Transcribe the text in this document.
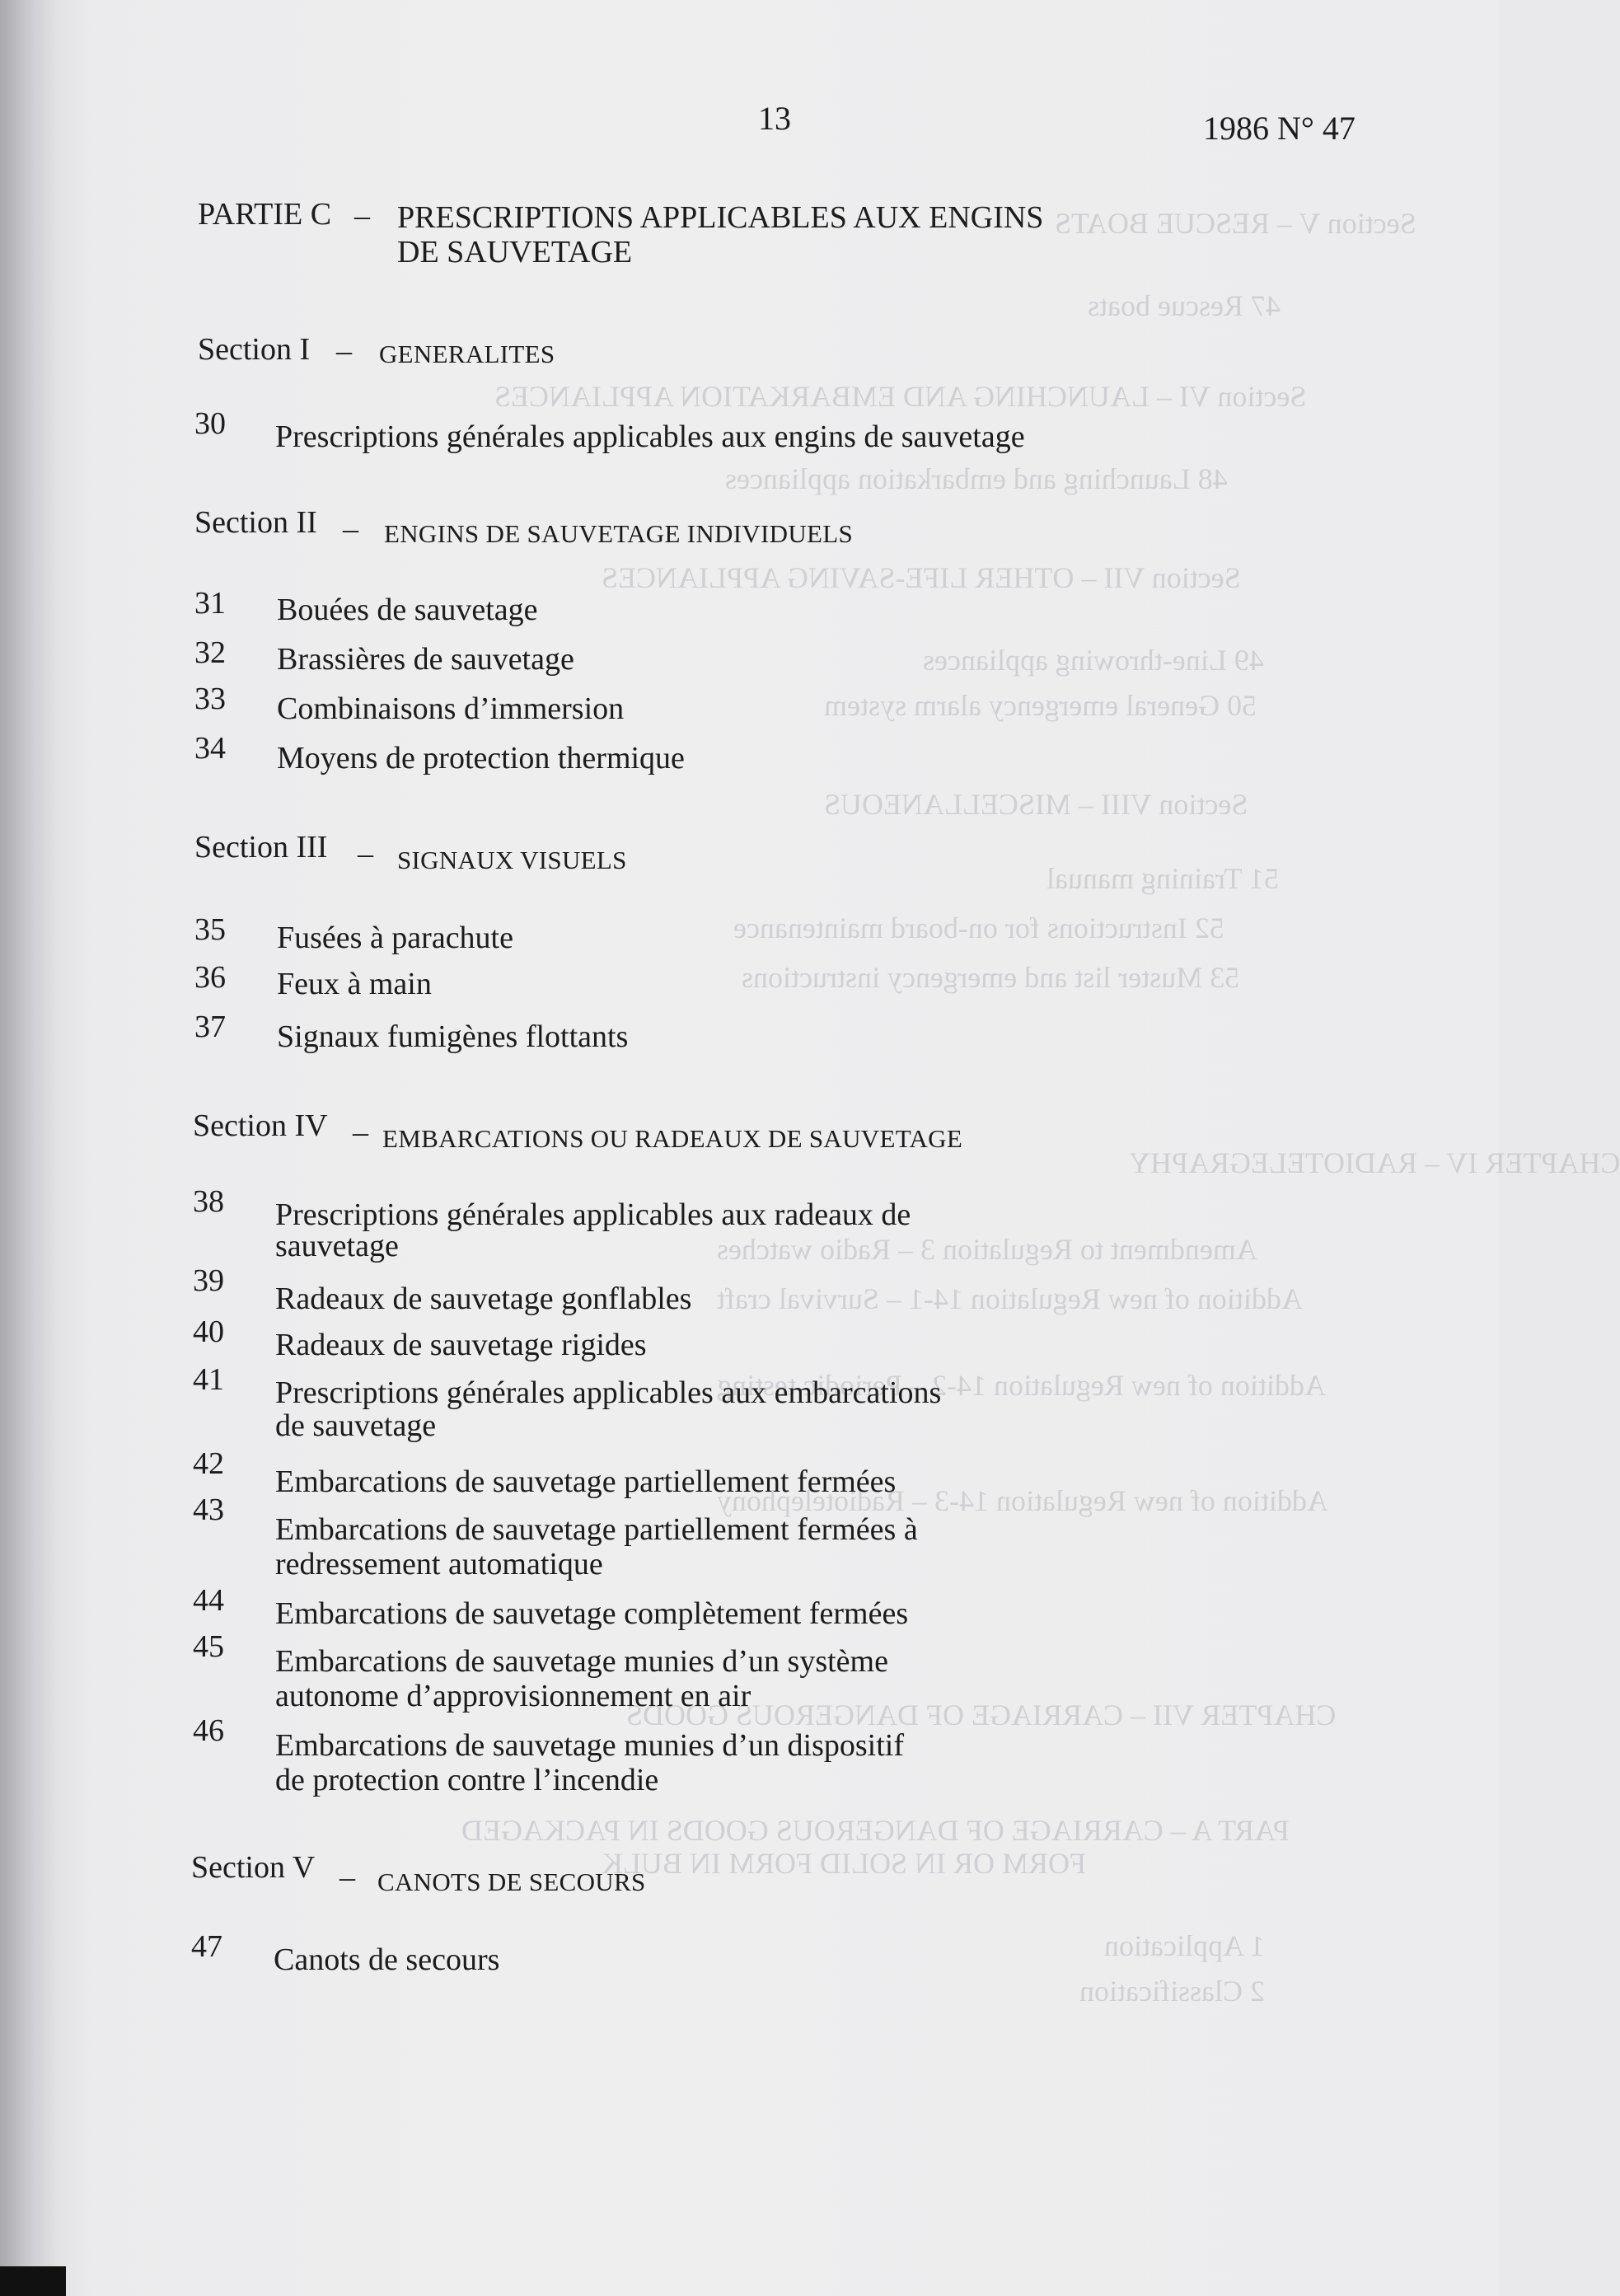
Section V – RESCUE BOATS
47 Rescue boats
Section VI – LAUNCHING AND EMBARKATION APPLIANCES
48 Launching and embarkation appliances
Section VII – OTHER LIFE-SAVING APPLIANCES
49 Line-throwing appliances
50 General emergency alarm system
Section VIII – MISCELLANEOUS
51 Training manual
52 Instructions for on-board maintenance
53 Muster list and emergency instructions
CHAPTER IV – RADIOTELEGRAPHY
Amendment to Regulation 3 – Radio watches
Addition of new Regulation 14-1 – Survival craft
Addition of new Regulation 14-2 – Periodic testing
Addition of new Regulation 14-3 – Radiotelephony
CHAPTER VII – CARRIAGE OF DANGEROUS GOODS
PART A – CARRIAGE OF DANGEROUS GOODS IN PACKAGED
FORM OR IN SOLID FORM IN BULK
1 Application
2 Classification
13	1986 N° 47
PARTIE C – PRESCRIPTIONS APPLICABLES AUX ENGINS
DE SAUVETAGE
Section I – GENERALITES
30 Prescriptions générales applicables aux engins de sauvetage
Section II – ENGINS DE SAUVETAGE INDIVIDUELS
31 Bouées de sauvetage
32 Brassières de sauvetage
33 Combinaisons d’immersion
34 Moyens de protection thermique
Section III – SIGNAUX VISUELS
35 Fusées à parachute
36 Feux à main
37 Signaux fumigènes flottants
Section IV – EMBARCATIONS OU RADEAUX DE SAUVETAGE
38 Prescriptions générales applicables aux radeaux de
sauvetage
39
Radeaux de sauvetage gonflables
40 Radeaux de sauvetage rigides
41 Prescriptions générales applicables aux embarcations
de sauvetage
42
Embarcations de sauvetage partiellement fermées
43
Embarcations de sauvetage partiellement fermées à
redressement automatique
44 Embarcations de sauvetage complètement fermées
45 Embarcations de sauvetage munies d’un système
autonome d’approvisionnement en air
46 Embarcations de sauvetage munies d’un dispositif
de protection contre l’incendie
Section V – CANOTS DE SECOURS
47 Canots de secours
